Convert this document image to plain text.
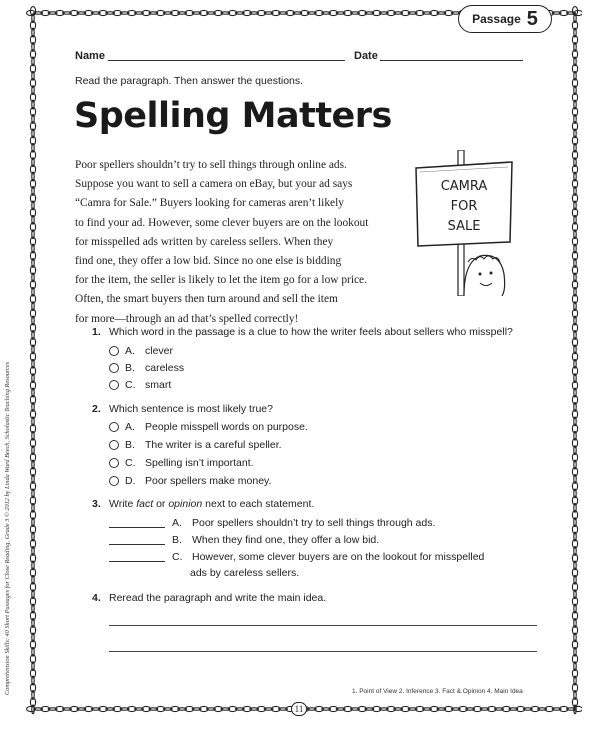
Passage 5
Comprehension Skills: 40 Short Passages for Close Reading, Grade 3 © 2012 by Linda Ward Beech, Scholastic Teaching Resources
Name	Date
Read the paragraph. Then answer the questions.
Spelling Matters
Poor spellers shouldn’t try to sell things through online ads.
Suppose you want to sell a camera on eBay, but your ad says
“Camra for Sale.” Buyers looking for cameras aren’t likely
to find your ad. However, some clever buyers are on the lookout
for misspelled ads written by careless sellers. When they
find one, they offer a low bid. Since no one else is bidding
for the item, the seller is likely to let the item go for a low price.
Often, the smart buyers then turn around and sell the item
for more—through an ad that’s spelled correctly!
CAMRA
FOR
SALE
1. Which word in the passage is a clue to how the writer feels about sellers who misspell?
A. clever
B. careless
C. smart
2. Which sentence is most likely true?
A. People misspell words on purpose.
B. The writer is a careful speller.
C. Spelling isn’t important.
D. Poor spellers make money.
3. Write fact or opinion next to each statement.
A. Poor spellers shouldn’t try to sell things through ads.
B. When they find one, they offer a low bid.
C. However, some clever buyers are on the lookout for misspelled
ads by careless sellers.
4. Reread the paragraph and write the main idea.
1. Point of View 2. Inference 3. Fact & Opinion 4. Main Idea
11
